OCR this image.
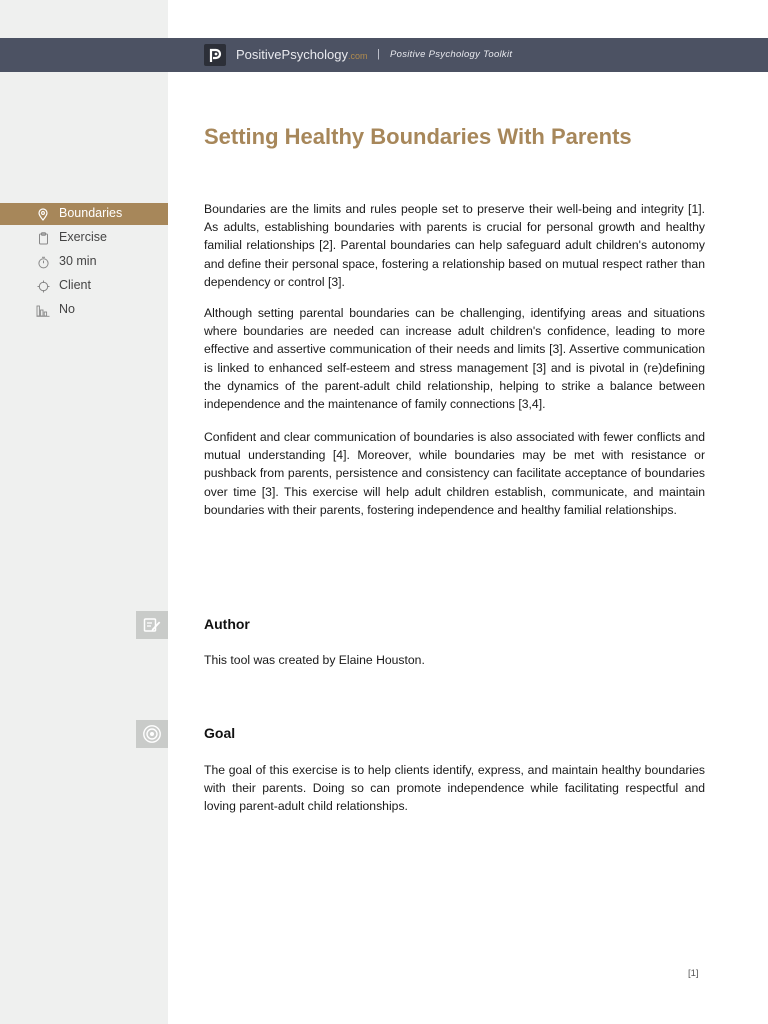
PositivePsychology.com | Positive Psychology Toolkit
Setting Healthy Boundaries With Parents
Boundaries
Exercise
30 min
Client
No

Boundaries are the limits and rules people set to preserve their well-being and integrity [1]. As adults, establishing boundaries with parents is crucial for personal growth and healthy familial relationships [2]. Parental boundaries can help safeguard adult children's autonomy and define their personal space, fostering a relationship based on mutual respect rather than dependency or control [3].

Although setting parental boundaries can be challenging, identifying areas and situations where boundaries are needed can increase adult children's confidence, leading to more effective and assertive communication of their needs and limits [3]. Assertive communication is linked to enhanced self-esteem and stress management [3] and is pivotal in (re)defining the dynamics of the parent-adult child relationship, helping to strike a balance between independence and the maintenance of family connections [3,4].

Confident and clear communication of boundaries is also associated with fewer conflicts and mutual understanding [4]. Moreover, while boundaries may be met with resistance or pushback from parents, persistence and consistency can facilitate acceptance of boundaries over time [3]. This exercise will help adult children establish, communicate, and maintain boundaries with their parents, fostering independence and healthy familial relationships.

Author

This tool was created by Elaine Houston.

Goal

The goal of this exercise is to help clients identify, express, and maintain healthy boundaries with their parents. Doing so can promote independence while facilitating respectful and loving parent-adult child relationships.

[1]
